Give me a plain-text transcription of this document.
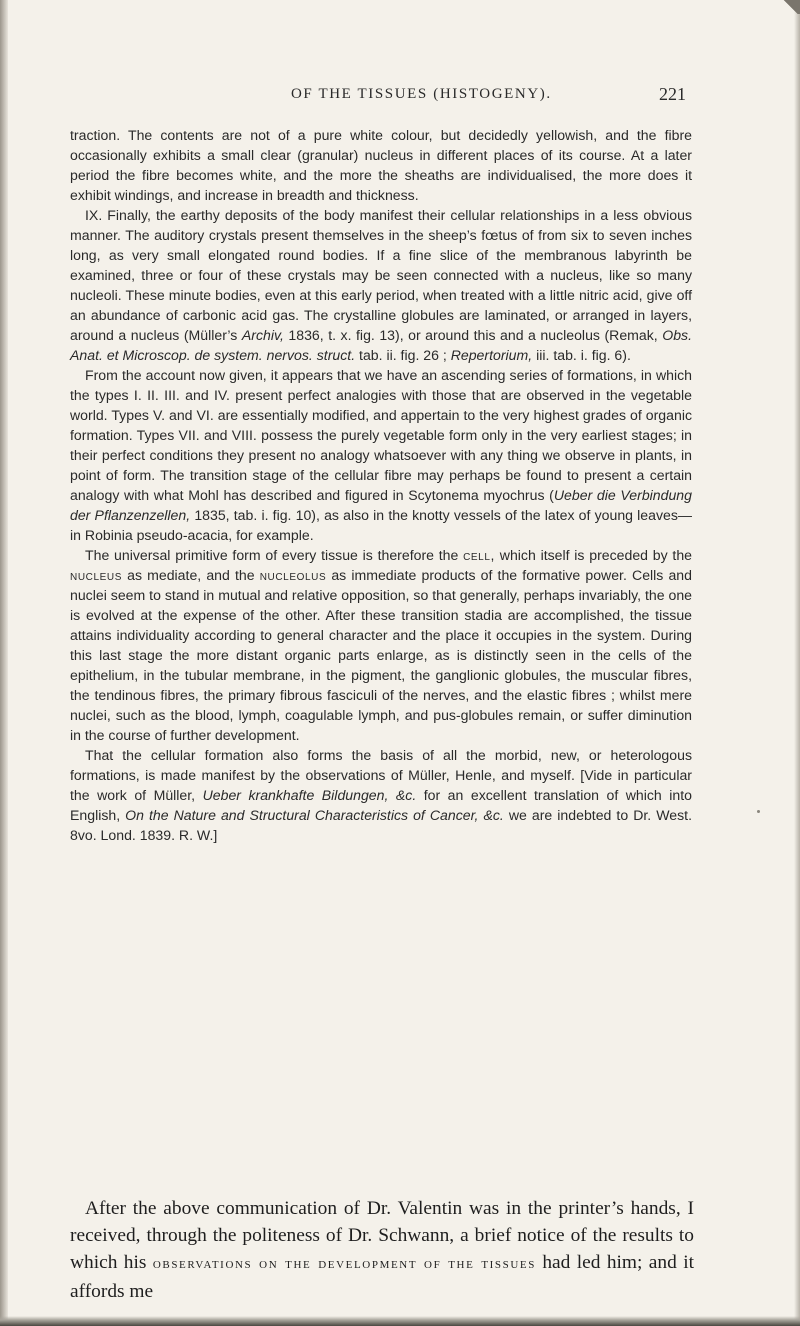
OF THE TISSUES (HISTOGENY).	221

traction. The contents are not of a pure white colour, but decidedly yellowish, and the fibre occasionally exhibits a small clear (granular) nucleus in different places of its course. At a later period the fibre becomes white, and the more the sheaths are individualised, the more does it exhibit windings, and increase in breadth and thickness.

IX. Finally, the earthy deposits of the body manifest their cellular relationships in a less obvious manner. The auditory crystals present themselves in the sheep’s fœtus of from six to seven inches long, as very small elongated round bodies. If a fine slice of the membranous labyrinth be examined, three or four of these crystals may be seen connected with a nucleus, like so many nucleoli. These minute bodies, even at this early period, when treated with a little nitric acid, give off an abundance of carbonic acid gas. The crystalline globules are laminated, or arranged in layers, around a nucleus (Müller’s Archiv, 1836, t. x. fig. 13), or around this and a nucleolus (Remak, Obs. Anat. et Microscop. de system. nervos. struct. tab. ii. fig. 26 ; Repertorium, iii. tab. i. fig. 6).

From the account now given, it appears that we have an ascending series of formations, in which the types I. II. III. and IV. present perfect analogies with those that are observed in the vegetable world. Types V. and VI. are essentially modified, and appertain to the very highest grades of organic formation. Types VII. and VIII. possess the purely vegetable form only in the very earliest stages; in their perfect conditions they present no analogy whatsoever with any thing we observe in plants, in point of form. The transition stage of the cellular fibre may perhaps be found to present a certain analogy with what Mohl has described and figured in Scytonema myochrus (Ueber die Verbindung der Pflanzenzellen, 1835, tab. i. fig. 10), as also in the knotty vessels of the latex of young leaves— in Robinia pseudo-acacia, for example.

The universal primitive form of every tissue is therefore the cell, which itself is preceded by the nucleus as mediate, and the nucleolus as immediate products of the formative power. Cells and nuclei seem to stand in mutual and relative opposition, so that generally, perhaps invariably, the one is evolved at the expense of the other. After these transition stadia are accomplished, the tissue attains individuality according to general character and the place it occupies in the system. During this last stage the more distant organic parts enlarge, as is distinctly seen in the cells of the epithelium, in the tubular membrane, in the pigment, the ganglionic globules, the muscular fibres, the tendinous fibres, the primary fibrous fasciculi of the nerves, and the elastic fibres ; whilst mere nuclei, such as the blood, lymph, coagulable lymph, and pus-globules remain, or suffer diminution in the course of further development.

That the cellular formation also forms the basis of all the morbid, new, or heterologous formations, is made manifest by the observations of Müller, Henle, and myself. [Vide in particular the work of Müller, Ueber krankhafte Bildungen, &c. for an excellent translation of which into English, On the Nature and Structural Characteristics of Cancer, &c. we are indebted to Dr. West. 8vo. Lond. 1839. R. W.]

After the above communication of Dr. Valentin was in the printer’s hands, I received, through the politeness of Dr. Schwann, a brief notice of the results to which his observations on the development of the tissues had led him; and it affords me
